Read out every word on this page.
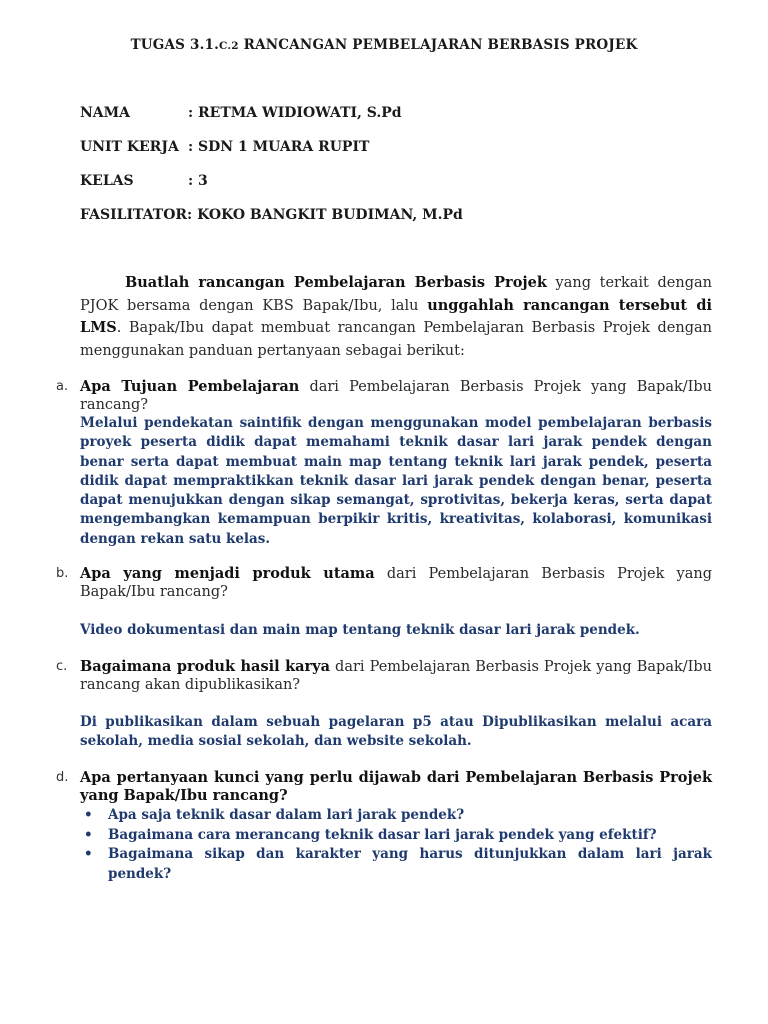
TUGAS 3.1.C.2 RANCANGAN PEMBELAJARAN BERBASIS PROJEK
NAMA	: RETMA WIDIOWATI, S.Pd
UNIT KERJA : SDN 1 MUARA RUPIT
KELAS	: 3
FASILITATOR: KOKO BANGKIT BUDIMAN, M.Pd

Buatlah rancangan Pembelajaran Berbasis Projek yang terkait dengan PJOK bersama dengan KBS Bapak/Ibu, lalu unggahlah rancangan tersebut di LMS. Bapak/Ibu dapat membuat rancangan Pembelajaran Berbasis Projek dengan menggunakan panduan pertanyaan sebagai berikut:

a. Apa Tujuan Pembelajaran dari Pembelajaran Berbasis Projek yang Bapak/Ibu rancang?

Melalui pendekatan saintifik dengan menggunakan model pembelajaran berbasis proyek peserta didik dapat memahami teknik dasar lari jarak pendek dengan benar serta dapat membuat main map tentang teknik lari jarak pendek, peserta didik dapat mempraktikkan teknik dasar lari jarak pendek dengan benar, peserta dapat menujukkan dengan sikap semangat, sprotivitas, bekerja keras, serta dapat mengembangkan kemampuan berpikir kritis, kreativitas, kolaborasi, komunikasi dengan rekan satu kelas.

b. Apa yang menjadi produk utama dari Pembelajaran Berbasis Projek yang Bapak/Ibu rancang?

Video dokumentasi dan main map tentang teknik dasar lari jarak pendek.

c. Bagaimana produk hasil karya dari Pembelajaran Berbasis Projek yang Bapak/Ibu rancang akan dipublikasikan?

Di publikasikan dalam sebuah pagelaran p5 atau Dipublikasikan melalui acara sekolah, media sosial sekolah, dan website sekolah.

d. Apa pertanyaan kunci yang perlu dijawab dari Pembelajaran Berbasis Projek yang Bapak/Ibu rancang?
• Apa saja teknik dasar dalam lari jarak pendek?
• Bagaimana cara merancang teknik dasar lari jarak pendek yang efektif?
• Bagaimana sikap dan karakter yang harus ditunjukkan dalam lari jarak pendek?
